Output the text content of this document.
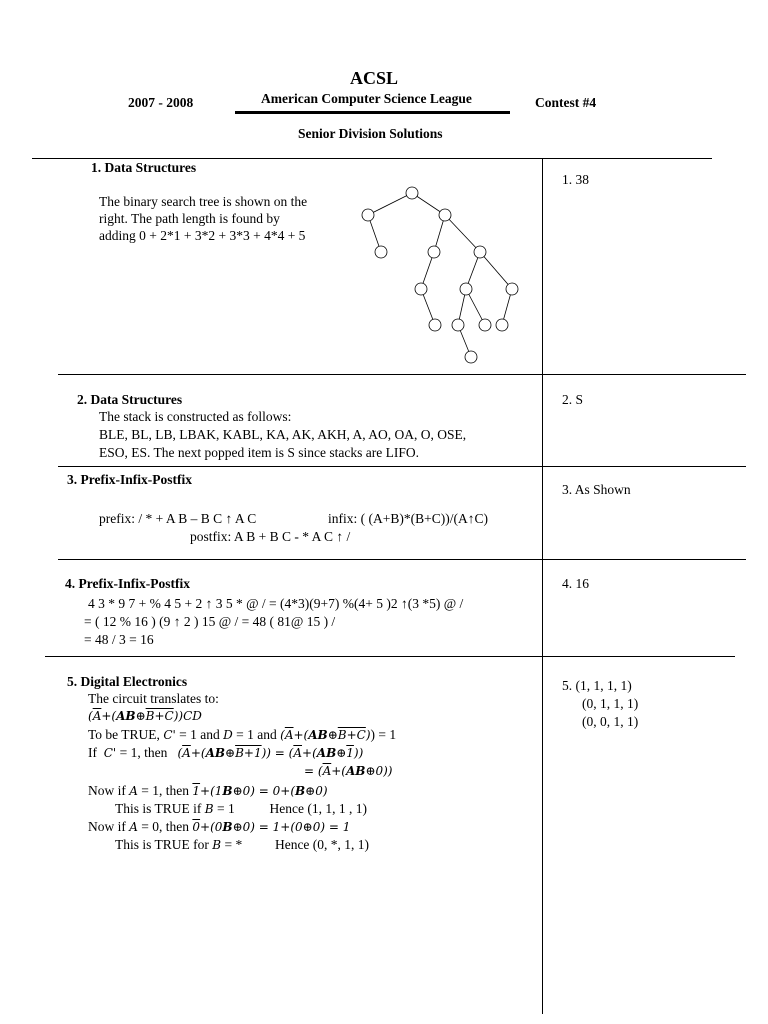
ACSL
2007 - 2008	American Computer Science League	Contest #4
Senior Division Solutions
1. Data Structures
The binary search tree is shown on the
right. The path length is found by
adding 0 + 2*1 + 3*2 + 3*3 + 4*4 + 5
1. 38
2. Data Structures
The stack is constructed as follows:
BLE, BL, LB, LBAK, KABL, KA, AK, AKH, A, AO, OA, O, OSE,
ESO, ES. The next popped item is S since stacks are LIFO.
2. S
3. Prefix-Infix-Postfix
prefix: / * + A B – B C ↑ A C	infix: ( (A+B)*(B+C))/(A↑C)
postfix: A B + B C - * A C ↑ /
3. As Shown
4. Prefix-Infix-Postfix
4 3 * 9 7 + % 4 5 + 2 ↑ 3 5 * @ / = (4*3)(9+7) %(4+ 5 )2 ↑(3 *5) @ /
= ( 12 % 16 ) (9 ↑ 2 ) 15 @ / = 48 ( 81@ 15 ) /
= 48 / 3 = 16
4. 16
5. Digital Electronics
The circuit translates to:
$(\overline{A}+(AB\oplus B+C))CD$
To be TRUE, C' = 1 and D = 1 and $(\overline{A}+(AB\oplus B+C)) = 1$
If C' = 1, then $(\overline{A}+(AB\oplus B+1))$ = $(\overline{A}+(AB\oplus 1))$
= $(\overline{A}+(AB\oplus 0))$
Now if A = 1, then 1+(1B⊕0) = 0+(B⊕0)
This is TRUE if B = 1	Hence (1, 1, 1 , 1)
Now if A = 0, then 0+(0B⊕0) = 1+(0⊕0) = 1
This is TRUE for B = * Hence (0, *, 1, 1)
5. (1, 1, 1, 1)
(0, 1, 1, 1)
(0, 0, 1, 1)
